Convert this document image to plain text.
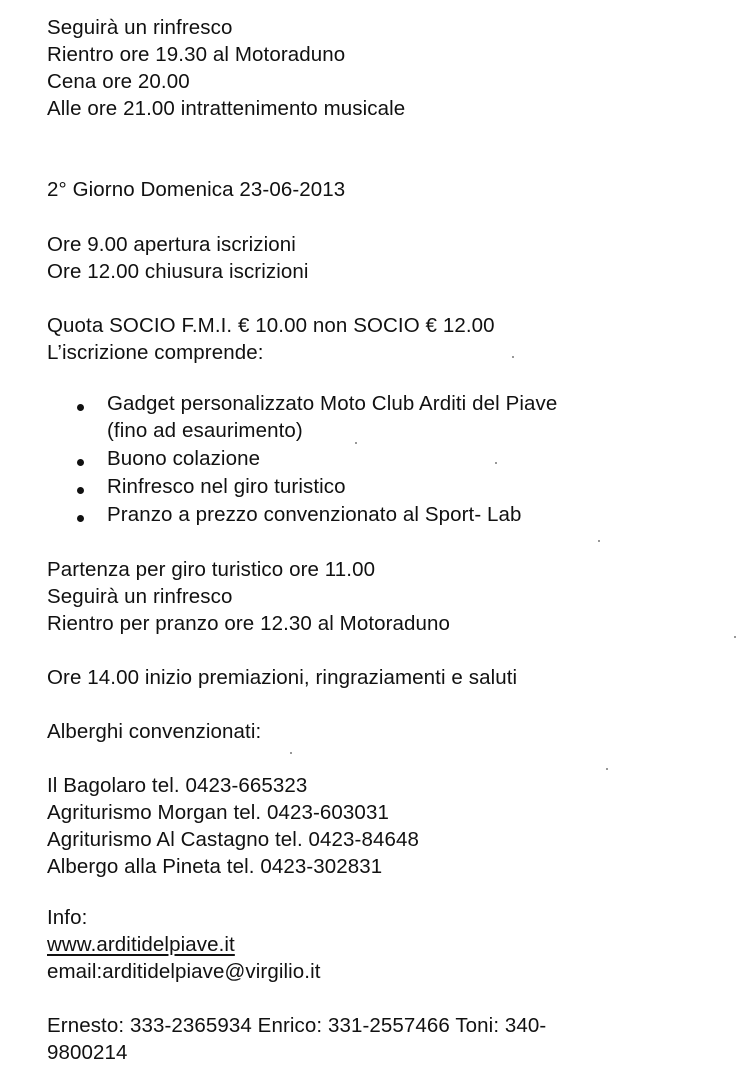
Seguirà un rinfresco
Rientro ore 19.30 al Motoraduno
Cena ore 20.00
Alle ore 21.00 intrattenimento musicale
2° Giorno Domenica 23-06-2013
Ore 9.00 apertura iscrizioni
Ore 12.00 chiusura iscrizioni
Quota SOCIO F.M.I. € 10.00 non SOCIO € 12.00
L’iscrizione comprende:
Gadget personalizzato Moto Club Arditi del Piave
(fino ad esaurimento)
Buono colazione
Rinfresco nel giro turistico
Pranzo a prezzo convenzionato al Sport- Lab
Partenza per giro turistico ore 11.00
Seguirà un rinfresco
Rientro per pranzo ore 12.30 al Motoraduno
Ore 14.00 inizio premiazioni, ringraziamenti e saluti
Alberghi convenzionati:
Il Bagolaro tel. 0423-665323
Agriturismo Morgan tel. 0423-603031
Agriturismo Al Castagno tel. 0423-84648
Albergo alla Pineta tel. 0423-302831
Info:
www.arditidelpiave.it
email:arditidelpiave@virgilio.it
Ernesto: 333-2365934 Enrico: 331-2557466 Toni: 340-
9800214
